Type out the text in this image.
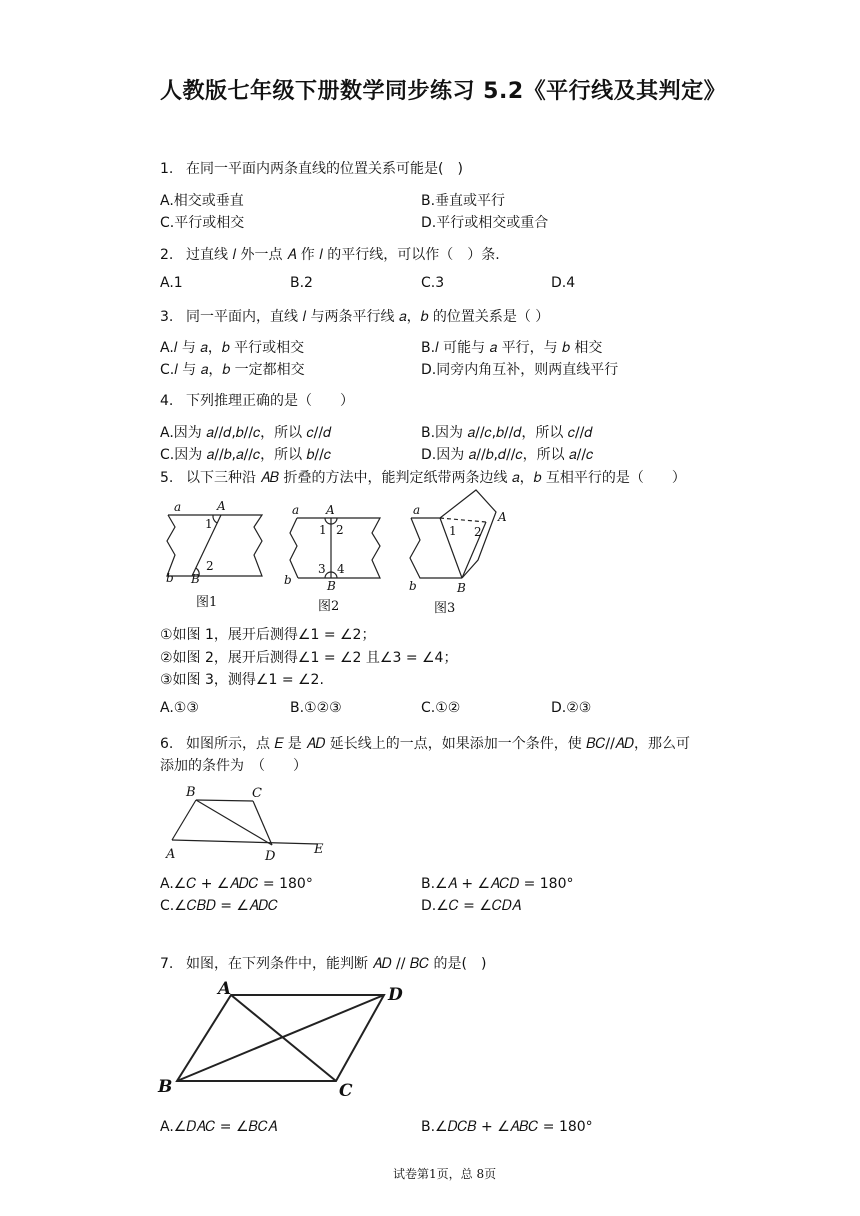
人教版七年级下册数学同步练习 5.2《平行线及其判定》
1. 在同一平面内两条直线的位置关系可能是(　)
A.相交或垂直	B.垂直或平行
C.平行或相交	D.平行或相交或重合
2. 过直线 𝑙 外一点 𝐴 作 𝑙 的平行线，可以作（　）条.
A.1	B.2	C.3	D.4
3. 同一平面内，直线 𝑙 与两条平行线 𝑎，𝑏 的位置关系是（ ）
A.𝑙 与 𝑎，𝑏 平行或相交	B.𝑙 可能与 𝑎 平行，与 𝑏 相交
C.𝑙 与 𝑎，𝑏 一定都相交	D.同旁内角互补，则两直线平行
4. 下列推理正确的是（　　）
A.因为 𝑎//𝑑,𝑏//𝑐，所以 𝑐//𝑑	B.因为 𝑎//𝑐,𝑏//𝑑，所以 𝑐//𝑑
C.因为 𝑎//𝑏,𝑎//𝑐，所以 𝑏//𝑐	D.因为 𝑎//𝑏,𝑑//𝑐，所以 𝑎//𝑐
5. 以下三种沿 𝐴𝐵 折叠的方法中，能判定纸带两条边线 𝑎，𝑏 互相平行的是（　　）
a	A
1
2
b B
图1
a A
1 2
3 4
b	B
图2
a	A
1 2
b	B
图3
①如图 1，展开后测得∠1 = ∠2；
②如图 2，展开后测得∠1 = ∠2 且∠3 = ∠4；
③如图 3，测得∠1 = ∠2.
A.①③	B.①②③	C.①②	D.②③
6. 如图所示，点 𝐸 是 𝐴𝐷 延长线上的一点，如果添加一个条件，使 𝐵𝐶//𝐴𝐷，那么可
添加的条件为　（　　）
B	C
A	D	E
A.∠𝐶 + ∠𝐴𝐷𝐶 = 180°	B.∠𝐴 + ∠𝐴𝐶𝐷 = 180°
C.∠𝐶𝐵𝐷 = ∠𝐴𝐷𝐶	D.∠𝐶 = ∠𝐶𝐷𝐴
7. 如图，在下列条件中，能判断 𝐴𝐷 // 𝐵𝐶 的是(　)
A	D
B	C
A.∠𝐷𝐴𝐶 = ∠𝐵𝐶𝐴	B.∠𝐷𝐶𝐵 + ∠𝐴𝐵𝐶 = 180°
试卷第1页，总 8页
